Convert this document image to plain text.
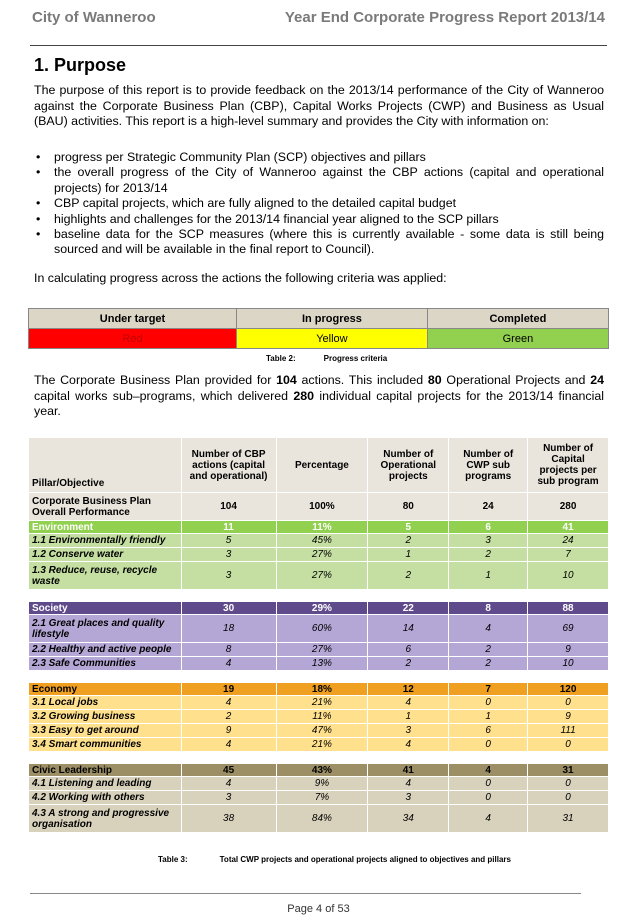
City of Wanneroo	Year End Corporate Progress Report 2013/14
1. Purpose
The purpose of this report is to provide feedback on the 2013/14 performance of the City of Wanneroo against the Corporate Business Plan (CBP), Capital Works Projects (CWP) and Business as Usual (BAU) activities. This report is a high-level summary and provides the City with information on:
• progress per Strategic Community Plan (SCP) objectives and pillars
• the overall progress of the City of Wanneroo against the CBP actions (capital and operational projects) for 2013/14
• CBP capital projects, which are fully aligned to the detailed capital budget
• highlights and challenges for the 2013/14 financial year aligned to the SCP pillars
• baseline data for the SCP measures (where this is currently available - some data is still being sourced and will be available in the final report to Council).
In calculating progress across the actions the following criteria was applied:
Under target	In progress	Completed
Red	Yellow	Green
Table 2:	Progress criteria
The Corporate Business Plan provided for 104 actions. This included 80 Operational Projects and 24 capital works sub–programs, which delivered 280 individual capital projects for the 2013/14 financial year.
Pillar/Objective	Number of CBP actions (capital and operational)	Percentage	Number of Operational projects	Number of CWP sub programs	Number of Capital projects per sub program
Corporate Business Plan Overall Performance	104	100%	80	24	280
Environment	11	11%	5	6	41
1.1 Environmentally friendly	5	45%	2	3	24
1.2 Conserve water	3	27%	1	2	7
1.3 Reduce, reuse, recycle waste	3	27%	2	1	10

Society	30	29%	22	8	88
2.1 Great places and quality lifestyle	18	60%	14	4	69
2.2 Healthy and active people	8	27%	6	2	9
2.3 Safe Communities	4	13%	2	2	10

Economy	19	18%	12	7	120
3.1 Local jobs	4	21%	4	0	0
3.2 Growing business	2	11%	1	1	9
3.3 Easy to get around	9	47%	3	6	111
3.4 Smart communities	4	21%	4	0	0

Civic Leadership	45	43%	41	4	31
4.1 Listening and leading	4	9%	4	0	0
4.2 Working with others	3	7%	3	0	0
4.3 A strong and progressive organisation	38	84%	34	4	31
Table 3:	Total CWP projects and operational projects aligned to objectives and pillars
Page 4 of 53
